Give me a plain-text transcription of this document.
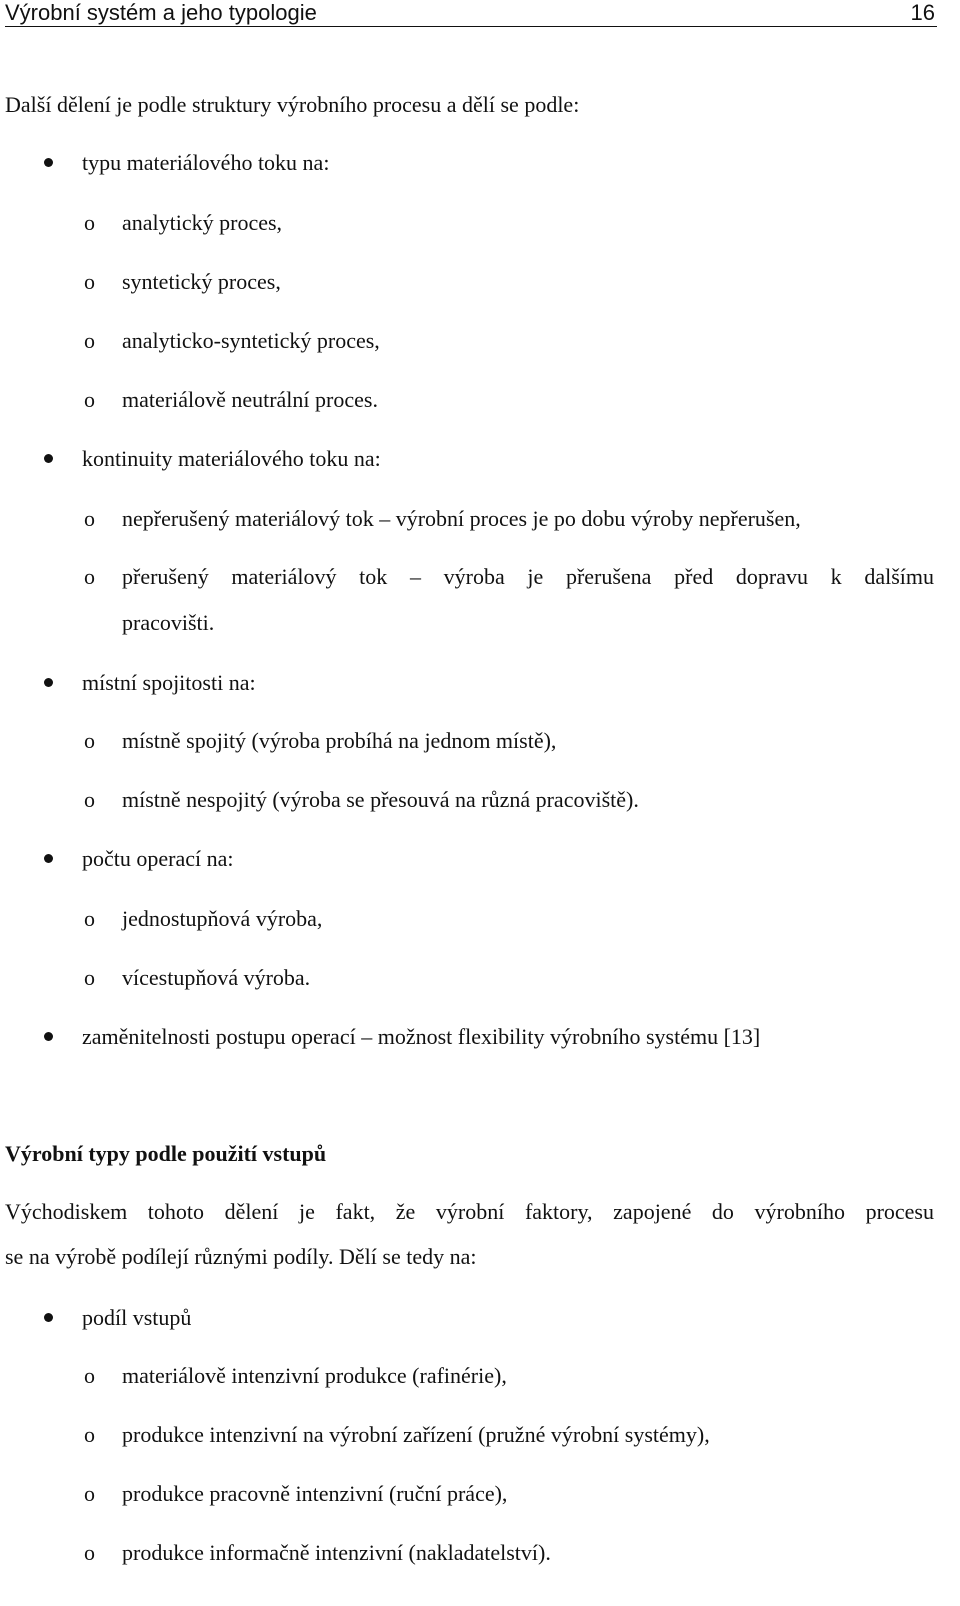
Výrobní systém a jeho typologie	16
Další dělení je podle struktury výrobního procesu a dělí se podle:
typu materiálového toku na:
o analytický proces,
o syntetický proces,
o analyticko-syntetický proces,
o materiálově neutrální proces.
kontinuity materiálového toku na:
o nepřerušený materiálový tok – výrobní proces je po dobu výroby nepřerušen,
o přerušený materiálový tok – výroba je přerušena před dopravu k dalšímu
pracovišti.
místní spojitosti na:
o místně spojitý (výroba probíhá na jednom místě),
o místně nespojitý (výroba se přesouvá na různá pracoviště).
počtu operací na:
o jednostupňová výroba,
o vícestupňová výroba.
zaměnitelnosti postupu operací – možnost flexibility výrobního systému [13]
Výrobní typy podle použití vstupů
Východiskem tohoto dělení je fakt, že výrobní faktory, zapojené do výrobního procesu
se na výrobě podílejí různými podíly. Dělí se tedy na:
podíl vstupů
o materiálově intenzivní produkce (rafinérie),
o produkce intenzivní na výrobní zařízení (pružné výrobní systémy),
o produkce pracovně intenzivní (ruční práce),
o produkce informačně intenzivní (nakladatelství).
